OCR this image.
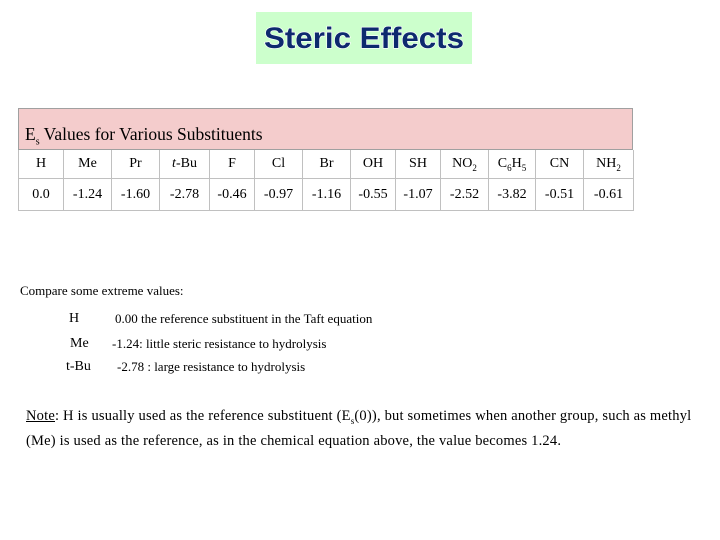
Steric Effects
$E_s$ Values for Various Substituents
H	Me	Pr	t-Bu	F	Cl	Br	OH	SH	$NO_2$	$C_6H_5$	CN	$NH_2$
0.0	-1.24	-1.60	-2.78	-0.46	-0.97	-1.16	-0.55	-1.07	-2.52	-3.82	-0.51	-0.61
Compare some extreme values:
H	0.00 the reference substituent in the Taft equation
Me -1.24: little steric resistance to hydrolysis
t-Bu -2.78 : large resistance to hydrolysis
Note: H is usually used as the reference substituent $(E_s(0))$, but sometimes when another group, such as methyl (Me) is used as the reference, as in the chemical equation above, the value becomes 1.24.
